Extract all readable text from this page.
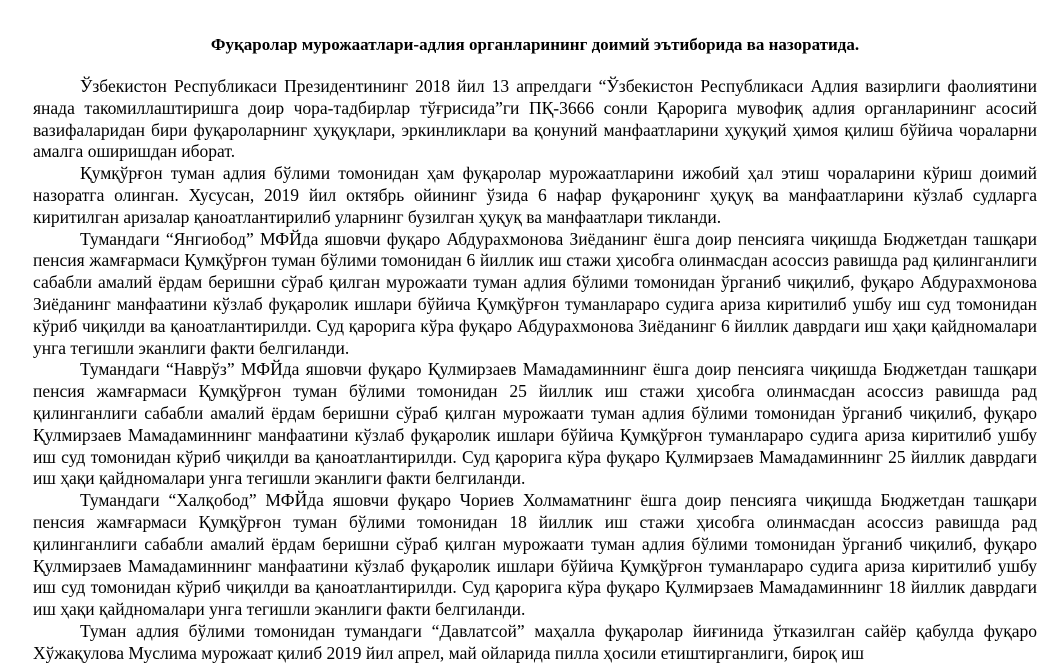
Фуқаролар мурожаатлари-адлия органларининг доимий эътиборида ва назоратида.

Ўзбекистон Республикаси Президентининг 2018 йил 13 апрелдаги “Ўзбекистон Республикаси Адлия вазирлиги фаолиятини янада такомиллаштиришга доир чора-тадбирлар тўғрисида”ги ПҚ-3666 сонли Қарорига мувофиқ адлия органларининг асосий вазифаларидан бири фуқароларнинг ҳуқуқлари, эркинликлари ва қонуний манфаатларини ҳуқуқий ҳимоя қилиш бўйича чораларни амалга оширишдан иборат.

Қумқўрғон туман адлия бўлими томонидан ҳам фуқаролар мурожаатларини ижобий ҳал этиш чораларини кўриш доимий назоратга олинган. Хусусан, 2019 йил октябрь ойининг ўзида 6 нафар фуқаронинг ҳуқуқ ва манфаатларини кўзлаб судларга киритилган аризалар қаноатлантирилиб уларнинг бузилган ҳуқуқ ва манфаатлари тикланди.

Тумандаги “Янгиобод” МФЙда яшовчи фуқаро Абдурахмонова Зиёданинг ёшга доир пенсияга чиқишда Бюджетдан ташқари пенсия жамғармаси Қумқўрғон туман бўлими томонидан 6 йиллик иш стажи ҳисобга олинмасдан асоссиз равишда рад қилинганлиги сабабли амалий ёрдам беришни сўраб қилган мурожаати туман адлия бўлими томонидан ўрганиб чиқилиб, фуқаро Абдурахмонова Зиёданинг манфаатини кўзлаб фуқаролик ишлари бўйича Қумқўрғон туманлараро судига ариза киритилиб ушбу иш суд томонидан кўриб чиқилди ва қаноатлантирилди. Суд қарорига кўра фуқаро Абдурахмонова Зиёданинг 6 йиллик даврдаги иш ҳақи қайдномалари унга тегишли эканлиги факти белгиланди.

Тумандаги “Наврўз” МФЙда яшовчи фуқаро Қулмирзаев Мамадаминнинг ёшга доир пенсияга чиқишда Бюджетдан ташқари пенсия жамғармаси Қумқўрғон туман бўлими томонидан 25 йиллик иш стажи ҳисобга олинмасдан асоссиз равишда рад қилинганлиги сабабли амалий ёрдам беришни сўраб қилган мурожаати туман адлия бўлими томонидан ўрганиб чиқилиб, фуқаро Қулмирзаев Мамадаминнинг манфаатини кўзлаб фуқаролик ишлари бўйича Қумқўрғон туманлараро судига ариза киритилиб ушбу иш суд томонидан кўриб чиқилди ва қаноатлантирилди. Суд қарорига кўра фуқаро Қулмирзаев Мамадаминнинг 25 йиллик даврдаги иш ҳақи қайдномалари унга тегишли эканлиги факти белгиланди.

Тумандаги “Халқобод” МФЙда яшовчи фуқаро Чориев Холмаматнинг ёшга доир пенсияга чиқишда Бюджетдан ташқари пенсия жамғармаси Қумқўрғон туман бўлими томонидан 18 йиллик иш стажи ҳисобга олинмасдан асоссиз равишда рад қилинганлиги сабабли амалий ёрдам беришни сўраб қилган мурожаати туман адлия бўлими томонидан ўрганиб чиқилиб, фуқаро Қулмирзаев Мамадаминнинг манфаатини кўзлаб фуқаролик ишлари бўйича Қумқўрғон туманлараро судига ариза киритилиб ушбу иш суд томонидан кўриб чиқилди ва қаноатлантирилди. Суд қарорига кўра фуқаро Қулмирзаев Мамадаминнинг 18 йиллик даврдаги иш ҳақи қайдномалари унга тегишли эканлиги факти белгиланди.

Туман адлия бўлими томонидан тумандаги “Давлатсой” маҳалла фуқаролар йиғинида ўтказилган сайёр қабулда фуқаро Хўжақулова Муслима мурожаат қилиб 2019 йил апрел, май ойларида пилла ҳосили етиштирганлиги, бироқ иш
